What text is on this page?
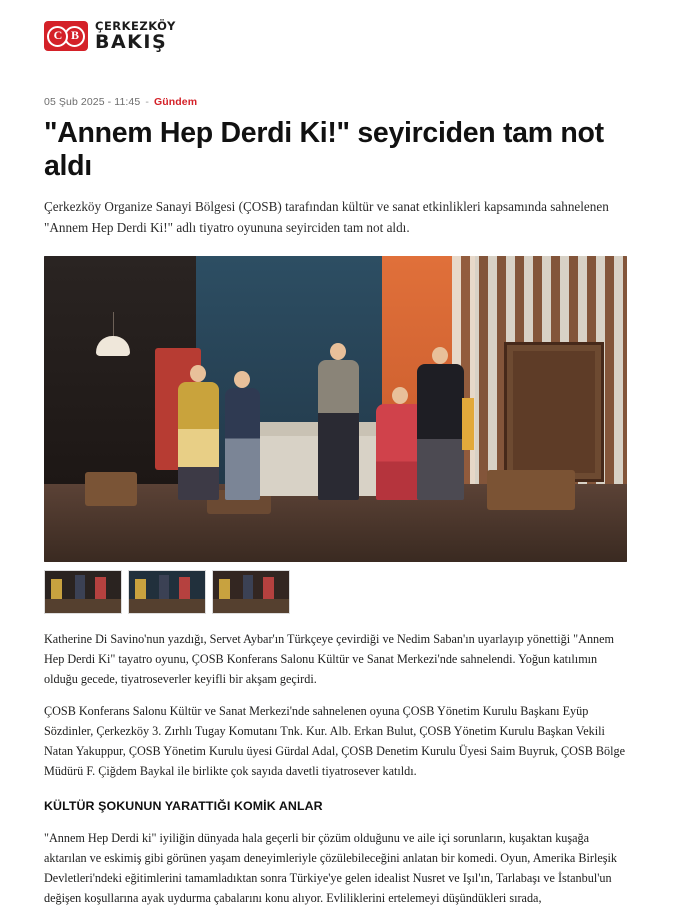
C B
ÇERKEZKÖY
BAKIŞ
05 Şub 2025 - 11:45 - Gündem
"Annem Hep Derdi Ki!" seyirciden tam not aldı

Çerkezköy Organize Sanayi Bölgesi (ÇOSB) tarafından kültür ve sanat etkinlikleri kapsamında sahnelenen "Annem Hep Derdi Ki!" adlı tiyatro oyununa seyirciden tam not aldı.

Katherine Di Savino'nun yazdığı, Servet Aybar'ın Türkçeye çevirdiği ve Nedim Saban'ın uyarlayıp yönettiği "Annem Hep Derdi Ki" tayatro oyunu, ÇOSB Konferans Salonu Kültür ve Sanat Merkezi'nde sahnelendi. Yoğun katılımın olduğu gecede, tiyatroseverler keyifli bir akşam geçirdi.

ÇOSB Konferans Salonu Kültür ve Sanat Merkezi'nde sahnelenen oyuna ÇOSB Yönetim Kurulu Başkanı Eyüp Sözdinler, Çerkezköy 3. Zırhlı Tugay Komutanı Tnk. Kur. Alb. Erkan Bulut, ÇOSB Yönetim Kurulu Başkan Vekili Natan Yakuppur, ÇOSB Yönetim Kurulu üyesi Gürdal Adal, ÇOSB Denetim Kurulu Üyesi Saim Buyruk, ÇOSB Bölge Müdürü F. Çiğdem Baykal ile birlikte çok sayıda davetli tiyatrosever katıldı.

KÜLTÜR ŞOKUNUN YARATTIĞI KOMİK ANLAR

"Annem Hep Derdi ki" iyiliğin dünyada hala geçerli bir çözüm olduğunu ve aile içi sorunların, kuşaktan kuşağa aktarılan ve eskimiş gibi görünen yaşam deneyimleriyle çözülebileceğini anlatan bir komedi. Oyun, Amerika Birleşik Devletleri'ndeki eğitimlerini tamamladıktan sonra Türkiye'ye gelen idealist Nusret ve Işıl'ın, Tarlabaşı ve İstanbul'un değişen koşullarına ayak uydurma çabalarını konu alıyor. Evliliklerini ertelemeyi düşündükleri sırada,
